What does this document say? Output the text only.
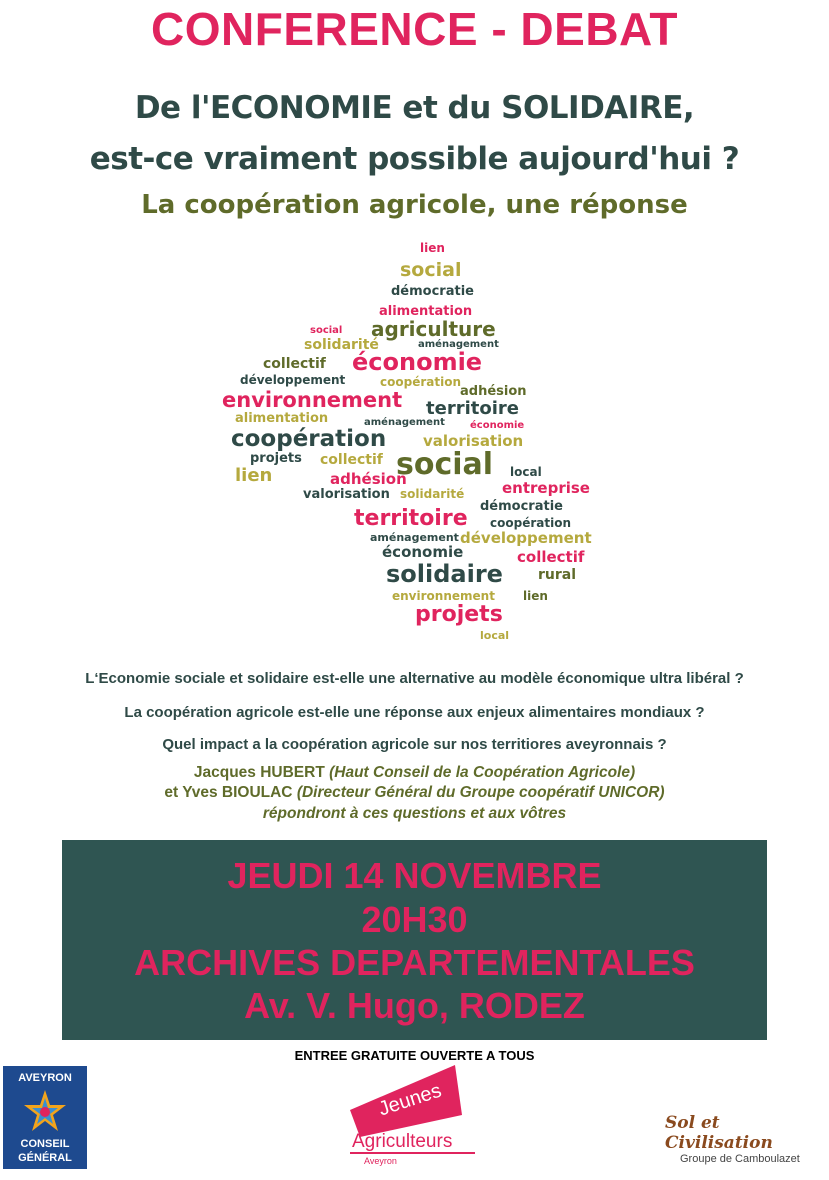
CONFERENCE - DEBAT
De l'ECONOMIE et du SOLIDAIRE,
est-ce vraiment possible aujourd'hui ?
La coopération agricole, une réponse
lien
social
démocratie
alimentation
social agriculture
solidarité	aménagement
collectif économie
développement	coopération
adhésion
environnement territoire
alimentation	aménagement	économie
coopération valorisation
projets collectif social
lien	local
adhésion	entreprise
valorisation solidarité
démocratie
territoire coopération
aménagement développement
économie	collectif
solidaire	rural
environnement lien
projets
local
L‘Economie sociale et solidaire est-elle une alternative au modèle économique ultra libéral ?
La coopération agricole est-elle une réponse aux enjeux alimentaires mondiaux ?
Quel impact a la coopération agricole sur nos territiores aveyronnais ?
Jacques HUBERT (Haut Conseil de la Coopération Agricole)
et Yves BIOULAC (Directeur Général du Groupe coopératif UNICOR)
répondront à ces questions et aux vôtres
JEUDI 14 NOVEMBRE
20H30
ARCHIVES DEPARTEMENTALES
Av. V. Hugo, RODEZ
ENTREE GRATUITE OUVERTE A TOUS
AVEYRON
CONSEIL
GÉNÉRAL
Jeunes
Agriculteurs
Aveyron
Sol et Civilisation
Groupe de Camboulazet
